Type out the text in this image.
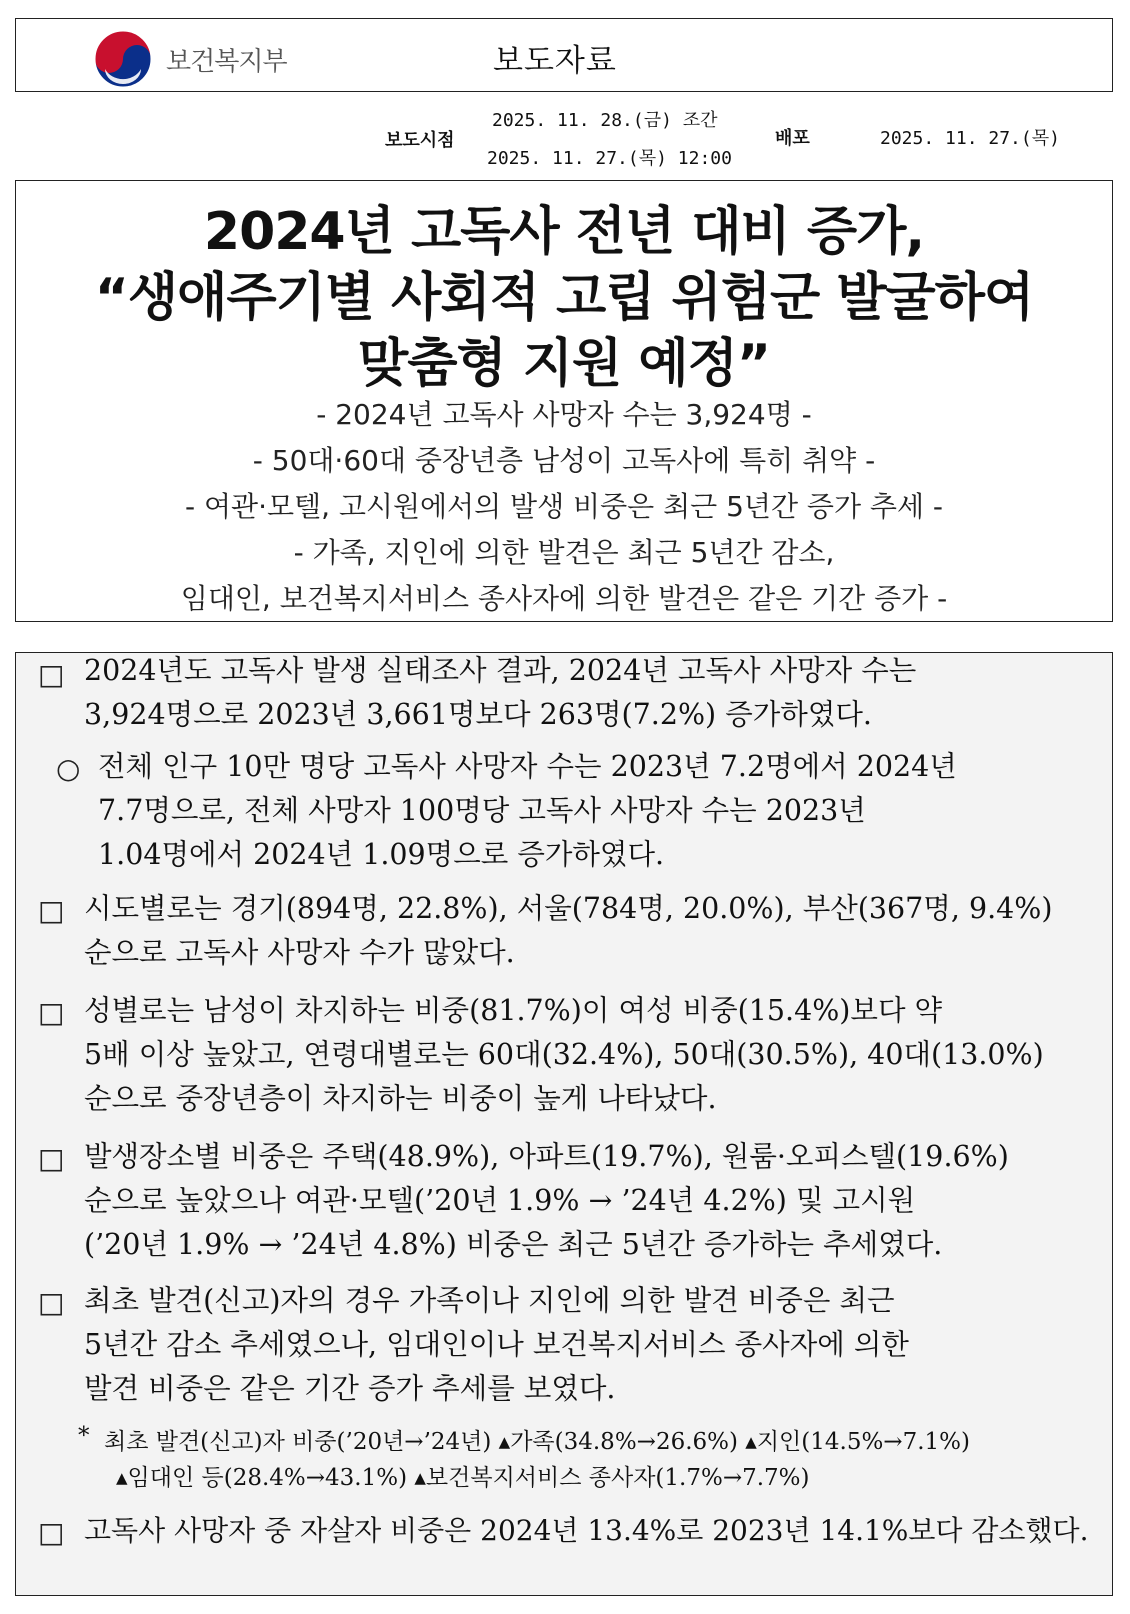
보건복지부	보도자료
보도시점
2025. 11. 28.(금) 조간
2025. 11. 27.(목) 12:00
배포	2025. 11. 27.(목)
2024년 고독사 전년 대비 증가,
“생애주기별 사회적 고립 위험군 발굴하여
맞춤형 지원 예정”
- 2024년 고독사 사망자 수는 3,924명 -
- 50대·60대 중장년층 남성이 고독사에 특히 취약 -
- 여관·모텔, 고시원에서의 발생 비중은 최근 5년간 증가 추세 -
- 가족, 지인에 의한 발견은 최근 5년간 감소,
임대인, 보건복지서비스 종사자에 의한 발견은 같은 기간 증가 -
□ 2024년도 고독사 발생 실태조사 결과, 2024년 고독사 사망자 수는
3,924명으로 2023년 3,661명보다 263명(7.2%) 증가하였다.
○ 전체 인구 10만 명당 고독사 사망자 수는 2023년 7.2명에서 2024년
7.7명으로, 전체 사망자 100명당 고독사 사망자 수는 2023년
1.04명에서 2024년 1.09명으로 증가하였다.
□ 시도별로는 경기(894명, 22.8%), 서울(784명, 20.0%), 부산(367명, 9.4%)
순으로 고독사 사망자 수가 많았다.
□ 성별로는 남성이 차지하는 비중(81.7%)이 여성 비중(15.4%)보다 약
5배 이상 높았고, 연령대별로는 60대(32.4%), 50대(30.5%), 40대(13.0%)
순으로 중장년층이 차지하는 비중이 높게 나타났다.
□ 발생장소별 비중은 주택(48.9%), 아파트(19.7%), 원룸·오피스텔(19.6%)
순으로 높았으나 여관·모텔(’20년 1.9% → ’24년 4.2%) 및 고시원
(’20년 1.9% → ’24년 4.8%) 비중은 최근 5년간 증가하는 추세였다.
□ 최초 발견(신고)자의 경우 가족이나 지인에 의한 발견 비중은 최근
5년간 감소 추세였으나, 임대인이나 보건복지서비스 종사자에 의한
발견 비중은 같은 기간 증가 추세를 보였다.
* 최초 발견(신고)자 비중(’20년→’24년) ▴가족(34.8%→26.6%) ▴지인(14.5%→7.1%)
▴임대인 등(28.4%→43.1%) ▴보건복지서비스 종사자(1.7%→7.7%)
□ 고독사 사망자 중 자살자 비중은 2024년 13.4%로 2023년 14.1%보다 감소했다.
